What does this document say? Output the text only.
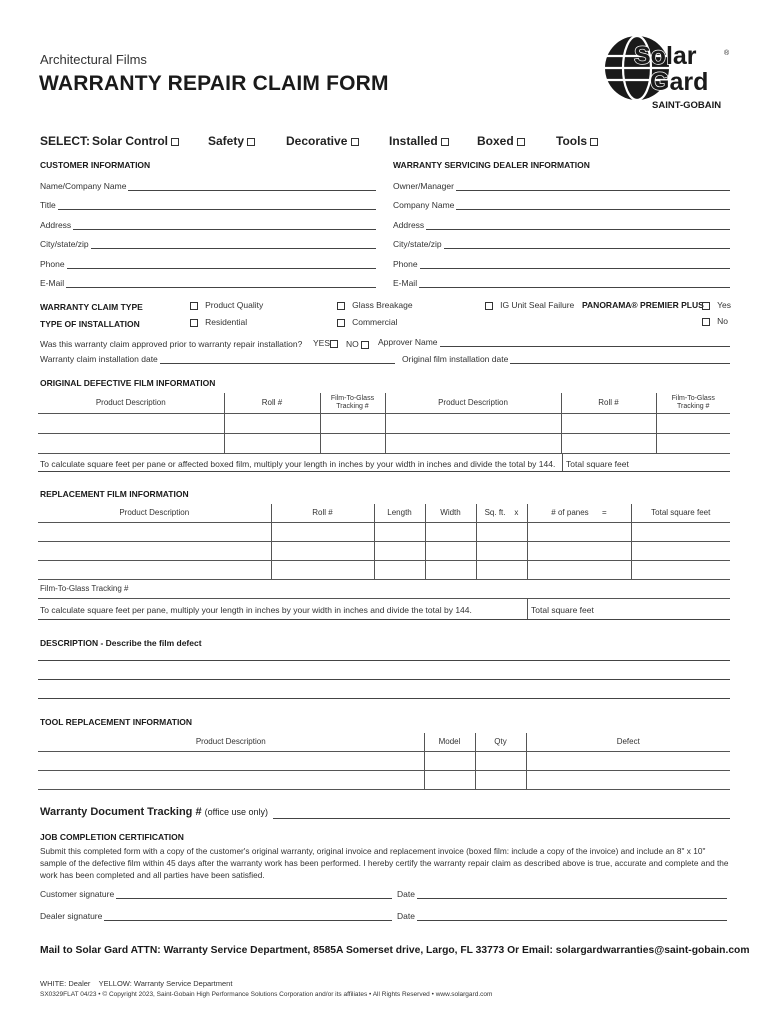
Architectural Films
WARRANTY REPAIR CLAIM FORM
Solar
Gard
®
SAINT-GOBAIN
SELECT: Solar Control	Safety	Decorative	Installed	Boxed	Tools
CUSTOMER INFORMATION	WARRANTY SERVICING DEALER INFORMATION
Name/Company Name
Title
Address
City/state/zip
Phone
E-Mail
Owner/Manager
Company Name
Address
City/state/zip
Phone
E-Mail
WARRANTY CLAIM TYPE	Product Quality	Glass Breakage	IG Unit Seal Failure PANORAMA® PREMIER PLUS	Yes
No
TYPE OF INSTALLATION	Residential	Commercial
Was this warranty claim approved prior to warranty repair installation? YES	NO	Approver Name
Warranty claim installation date	Original film installation date
ORIGINAL DEFECTIVE FILM INFORMATION
Product Description	Roll #	Film-To-Glass Tracking #	Product Description	Roll #	Film-To-Glass Tracking #

To calculate square feet per pane or affected boxed film, multiply your length in inches by your width in inches and divide the total by 144. Total square feet
REPLACEMENT FILM INFORMATION
Product Description	Roll #	Length	Width	Sq. ft. x	# of panes =	Total square feet

Film-To-Glass Tracking #						
To calculate square feet per pane, multiply your length in inches by your width in inches and divide the total by 144.	Total square feet
DESCRIPTION - Describe the film defect
TOOL REPLACEMENT INFORMATION
Product Description	Model	Qty	Defect

Warranty Document Tracking # (office use only)
JOB COMPLETION CERTIFICATION
Submit this completed form with a copy of the customer's original warranty, original invoice and replacement invoice (boxed film: include a copy of the invoice) and include an 8" x 10" sample of the defective film within 45 days after the warranty work has been performed. I hereby certify the warranty repair claim as described above is true, accurate and complete and the work has been completed and all parties have been satisfied.
Customer signature	Date
Dealer signature	Date
Mail to Solar Gard ATTN: Warranty Service Department, 8585A Somerset drive, Largo, FL 33773 Or Email: solargardwarranties@saint-gobain.com
WHITE: Dealer    YELLOW: Warranty Service Department
SX0329FLAT 04/23 • © Copyright 2023, Saint-Gobain High Performance Solutions Corporation and/or its affiliates • All Rights Reserved • www.solargard.com
